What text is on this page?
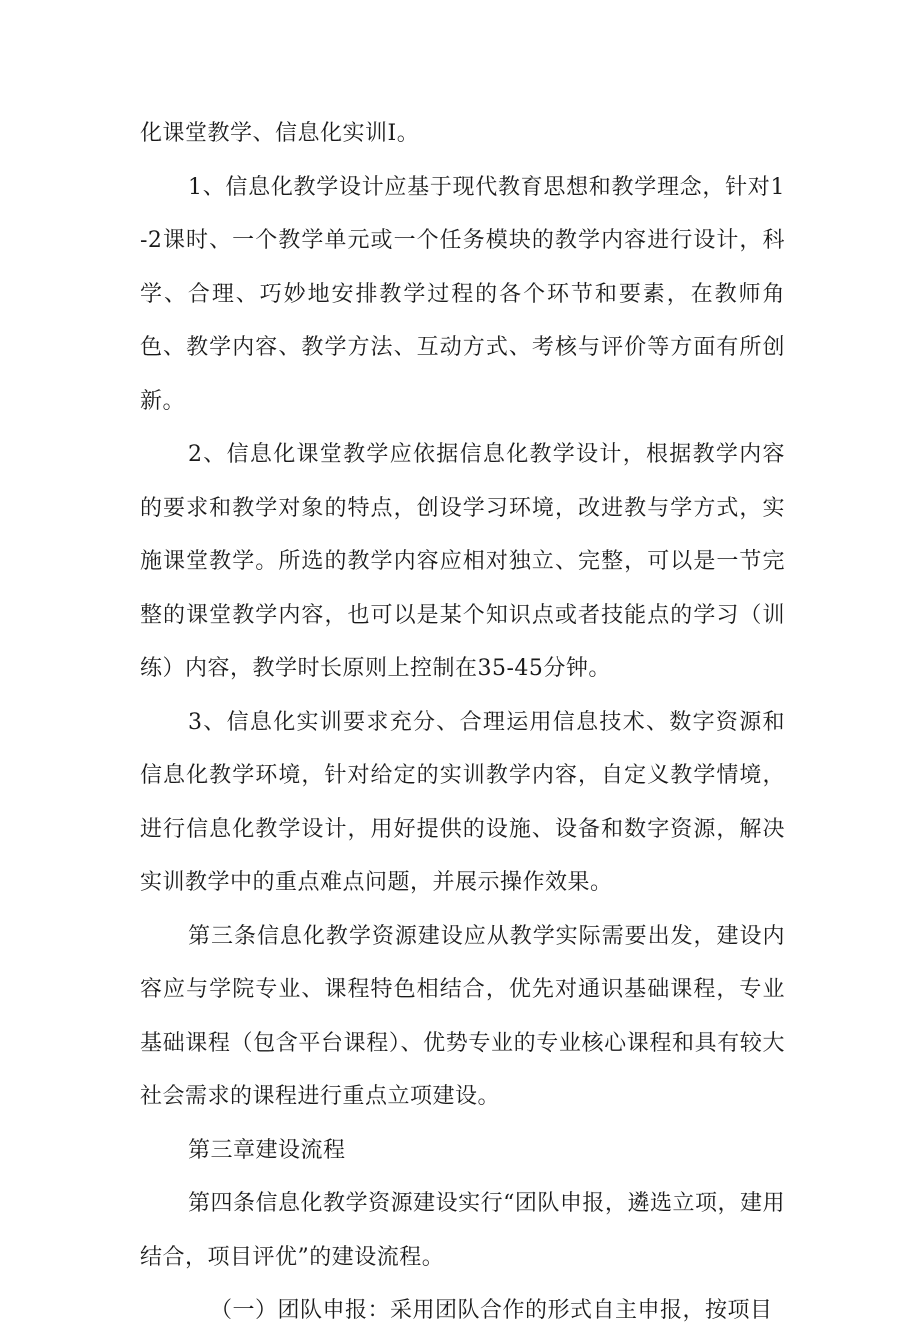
化课堂教学、信息化实训I。

1、信息化教学设计应基于现代教育思想和教学理念，针对1-2课时、一个教学单元或一个任务模块的教学内容进行设计，科学、合理、巧妙地安排教学过程的各个环节和要素，在教师角色、教学内容、教学方法、互动方式、考核与评价等方面有所创新。

2、信息化课堂教学应依据信息化教学设计，根据教学内容的要求和教学对象的特点，创设学习环境，改进教与学方式，实施课堂教学。所选的教学内容应相对独立、完整，可以是一节完整的课堂教学内容，也可以是某个知识点或者技能点的学习（训练）内容，教学时长原则上控制在35-45分钟。

3、信息化实训要求充分、合理运用信息技术、数字资源和信息化教学环境，针对给定的实训教学内容，自定义教学情境，进行信息化教学设计，用好提供的设施、设备和数字资源，解决实训教学中的重点难点问题，并展示操作效果。

第三条信息化教学资源建设应从教学实际需要出发，建设内容应与学院专业、课程特色相结合，优先对通识基础课程，专业基础课程（包含平台课程）、优势专业的专业核心课程和具有较大社会需求的课程进行重点立项建设。

第三章建设流程

第四条信息化教学资源建设实行“团队申报，遴选立项，建用结合，项目评优”的建设流程。

（一）团队申报：采用团队合作的形式自主申报，按项目
